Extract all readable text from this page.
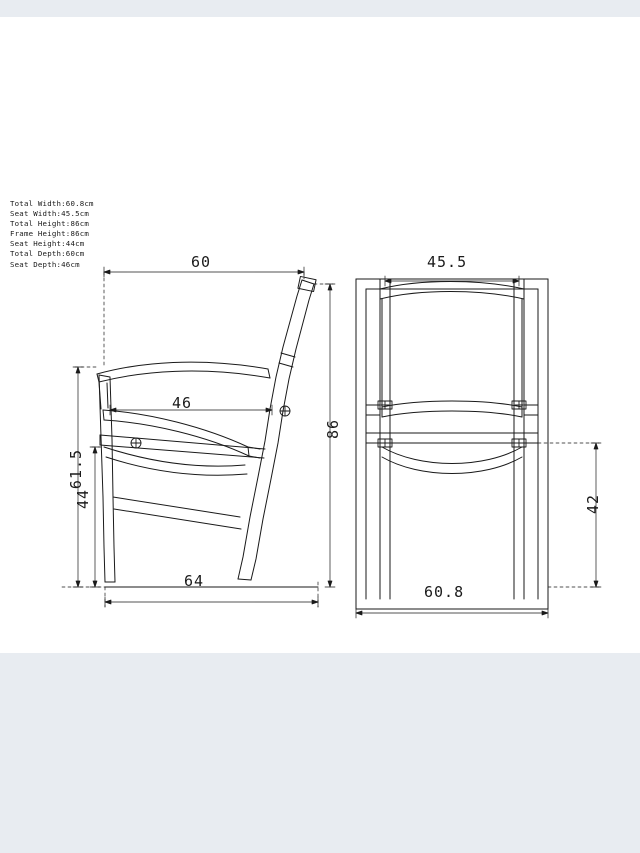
Total Width:60.8cm
Seat Width:45.5cm
Total Height:86cm
Frame Height:86cm
Seat Height:44cm
Total Depth:60cm
Seat Depth:46cm	60
46
86
61.5
44
64
45.5
42
60.8
